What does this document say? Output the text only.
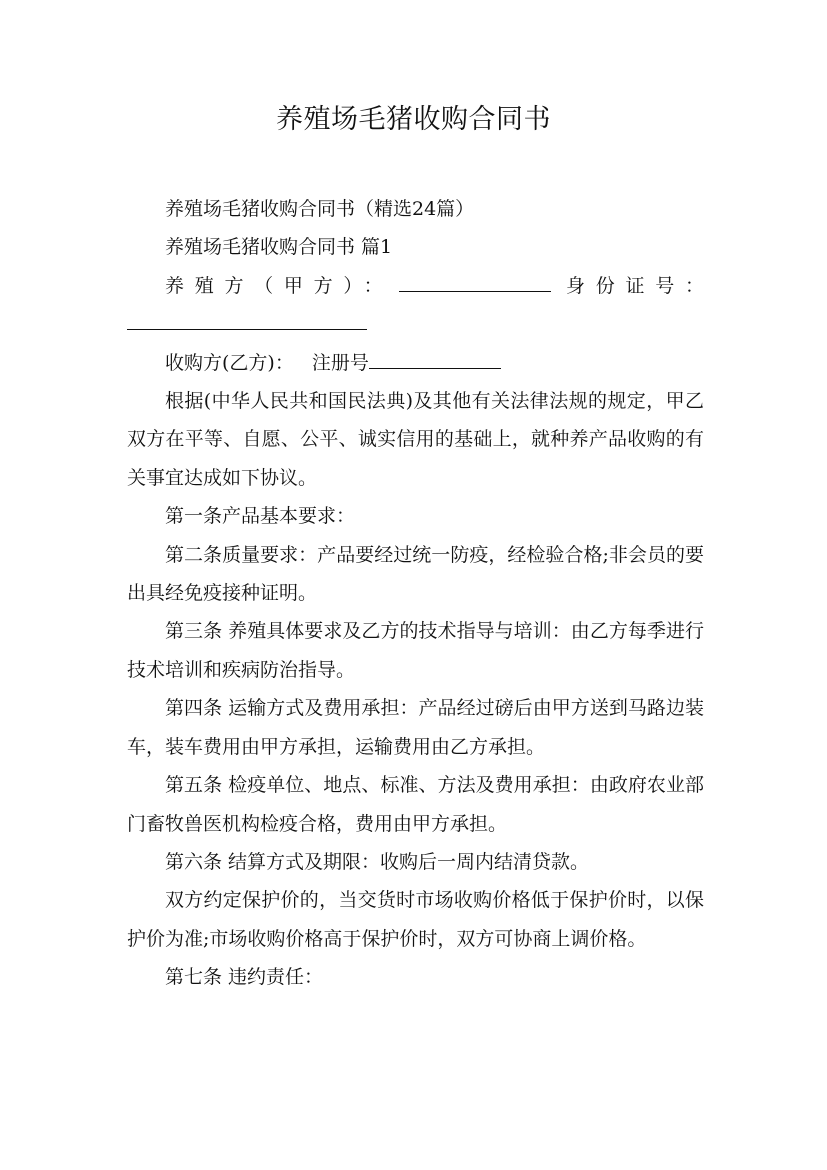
养殖场毛猪收购合同书

养殖场毛猪收购合同书（精选24篇）

养殖场毛猪收购合同书 篇1

养殖方（甲方）：	身份证号：

收购方(乙方)： 注册号

根据(中华人民共和国民法典)及其他有关法律法规的规定，甲乙双方在平等、自愿、公平、诚实信用的基础上，就种养产品收购的有关事宜达成如下协议。

第一条产品基本要求：

第二条质量要求：产品要经过统一防疫，经检验合格;非会员的要出具经免疫接种证明。

第三条 养殖具体要求及乙方的技术指导与培训：由乙方每季进行技术培训和疾病防治指导。

第四条 运输方式及费用承担：产品经过磅后由甲方送到马路边装车，装车费用由甲方承担，运输费用由乙方承担。

第五条 检疫单位、地点、标准、方法及费用承担：由政府农业部门畜牧兽医机构检疫合格，费用由甲方承担。

第六条 结算方式及期限：收购后一周内结清贷款。

双方约定保护价的，当交货时市场收购价格低于保护价时，以保护价为准;市场收购价格高于保护价时，双方可协商上调价格。

第七条 违约责任：
